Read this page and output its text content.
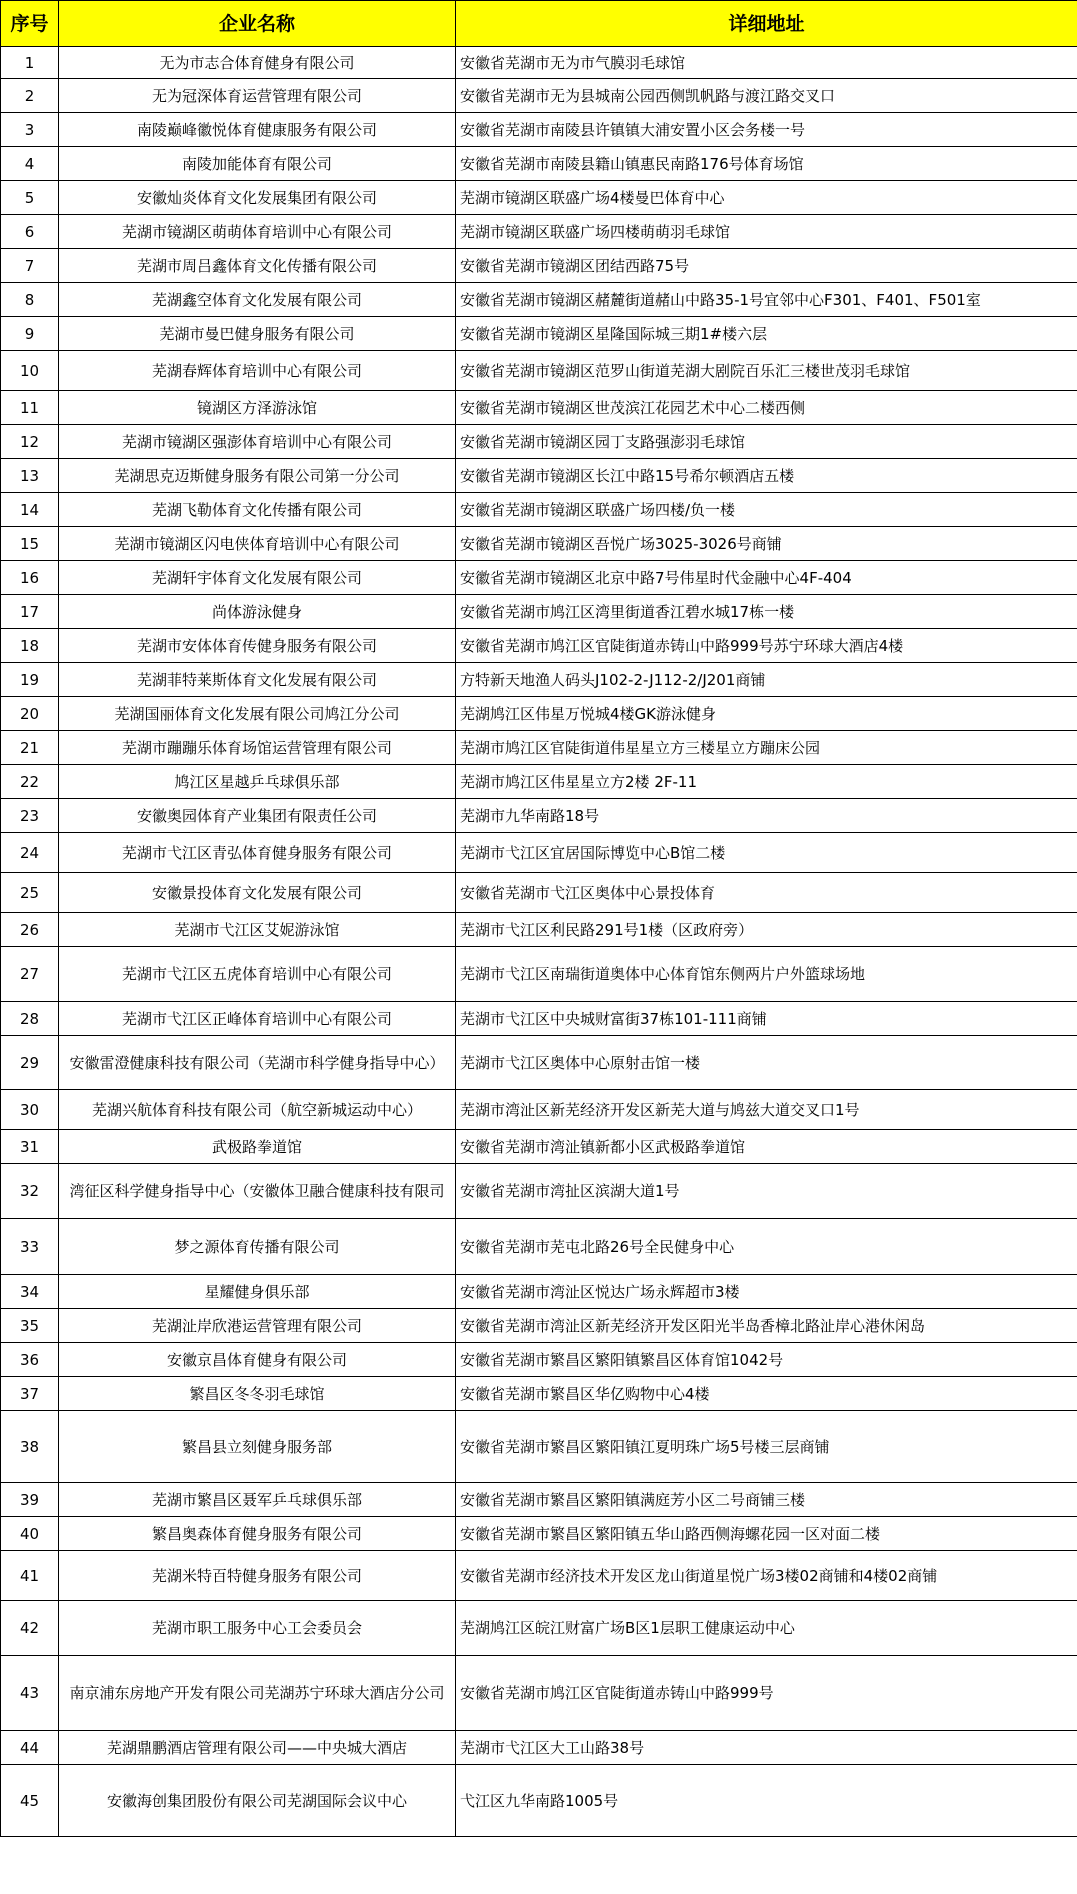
序号	企业名称	详细地址
1	无为市志合体育健身有限公司	安徽省芜湖市无为市气膜羽毛球馆
2	无为冠深体育运营管理有限公司	安徽省芜湖市无为县城南公园西侧凯帆路与渡江路交叉口
3	南陵巅峰徽悦体育健康服务有限公司	安徽省芜湖市南陵县许镇镇大浦安置小区会务楼一号
4	南陵加能体育有限公司	安徽省芜湖市南陵县籍山镇惠民南路176号体育场馆
5	安徽灿炎体育文化发展集团有限公司	芜湖市镜湖区联盛广场4楼曼巴体育中心
6	芜湖市镜湖区萌萌体育培训中心有限公司	芜湖市镜湖区联盛广场四楼萌萌羽毛球馆
7	芜湖市周吕鑫体育文化传播有限公司	安徽省芜湖市镜湖区团结西路75号
8	芜湖鑫空体育文化发展有限公司	安徽省芜湖市镜湖区赭麓街道赭山中路35-1号宜邻中心F301、F401、F501室
9	芜湖市曼巴健身服务有限公司	安徽省芜湖市镜湖区星隆国际城三期1#楼六层
10	芜湖春辉体育培训中心有限公司	安徽省芜湖市镜湖区范罗山街道芜湖大剧院百乐汇三楼世茂羽毛球馆
11	镜湖区方泽游泳馆	安徽省芜湖市镜湖区世茂滨江花园艺术中心二楼西侧
12	芜湖市镜湖区强澎体育培训中心有限公司	安徽省芜湖市镜湖区园丁支路强澎羽毛球馆
13	芜湖思克迈斯健身服务有限公司第一分公司	安徽省芜湖市镜湖区长江中路15号希尔顿酒店五楼
14	芜湖飞勒体育文化传播有限公司	安徽省芜湖市镜湖区联盛广场四楼/负一楼
15	芜湖市镜湖区闪电侠体育培训中心有限公司	安徽省芜湖市镜湖区吾悦广场3025-3026号商铺
16	芜湖轩宇体育文化发展有限公司	安徽省芜湖市镜湖区北京中路7号伟星时代金融中心4F-404
17	尚体游泳健身	安徽省芜湖市鸠江区湾里街道香江碧水城17栋一楼
18	芜湖市安体体育传健身服务有限公司	安徽省芜湖市鸠江区官陡街道赤铸山中路999号苏宁环球大酒店4楼
19	芜湖菲特莱斯体育文化发展有限公司	方特新天地渔人码头J102-2-J112-2/J201商铺
20	芜湖国丽体育文化发展有限公司鸠江分公司	芜湖鸠江区伟星万悦城4楼GK游泳健身
21	芜湖市蹦蹦乐体育场馆运营管理有限公司	芜湖市鸠江区官陡街道伟星星立方三楼星立方蹦床公园
22	鸠江区星越乒乓球俱乐部	芜湖市鸠江区伟星星立方2楼 2F-11
23	安徽奥园体育产业集团有限责任公司	芜湖市九华南路18号
24	芜湖市弋江区青弘体育健身服务有限公司	芜湖市弋江区宜居国际博览中心B馆二楼
25	安徽景投体育文化发展有限公司	安徽省芜湖市弋江区奥体中心景投体育
26	芜湖市弋江区艾妮游泳馆	芜湖市弋江区利民路291号1楼（区政府旁）
27	芜湖市弋江区五虎体育培训中心有限公司	芜湖市弋江区南瑞街道奥体中心体育馆东侧两片户外篮球场地
28	芜湖市弋江区正峰体育培训中心有限公司	芜湖市弋江区中央城财富街37栋101-111商铺
29	安徽雷澄健康科技有限公司（芜湖市科学健身指导中心）	芜湖市弋江区奥体中心原射击馆一楼
30	芜湖兴航体育科技有限公司（航空新城运动中心）	芜湖市湾沚区新芜经济开发区新芜大道与鸠兹大道交叉口1号
31	武极路拳道馆	安徽省芜湖市湾沚镇新都小区武极路拳道馆
32	湾征区科学健身指导中心（安徽体卫融合健康科技有限司	安徽省芜湖市湾扯区滨湖大道1号
33	梦之源体育传播有限公司	安徽省芜湖市芜屯北路26号全民健身中心
34	星耀健身俱乐部	安徽省芜湖市湾沚区悦达广场永辉超市3楼
35	芜湖沚岸欣港运营管理有限公司	安徽省芜湖市湾沚区新芜经济开发区阳光半岛香樟北路沚岸心港休闲岛
36	安徽京昌体育健身有限公司	安徽省芜湖市繁昌区繁阳镇繁昌区体育馆1042号
37	繁昌区冬冬羽毛球馆	安徽省芜湖市繁昌区华亿购物中心4楼
38	繁昌县立刻健身服务部	安徽省芜湖市繁昌区繁阳镇江夏明珠广场5号楼三层商铺
39	芜湖市繁昌区聂军乒乓球俱乐部	安徽省芜湖市繁昌区繁阳镇满庭芳小区二号商铺三楼
40	繁昌奥森体育健身服务有限公司	安徽省芜湖市繁昌区繁阳镇五华山路西侧海螺花园一区对面二楼
41	芜湖米特百特健身服务有限公司	安徽省芜湖市经济技术开发区龙山街道星悦广场3楼02商铺和4楼02商铺
42	芜湖市职工服务中心工会委员会	芜湖鸠江区皖江财富广场B区1层职工健康运动中心
43	南京浦东房地产开发有限公司芜湖苏宁环球大酒店分公司	安徽省芜湖市鸠江区官陡街道赤铸山中路999号
44	芜湖鼎鹏酒店管理有限公司——中央城大酒店	芜湖市弋江区大工山路38号
45	安徽海创集团股份有限公司芜湖国际会议中心	弋江区九华南路1005号
